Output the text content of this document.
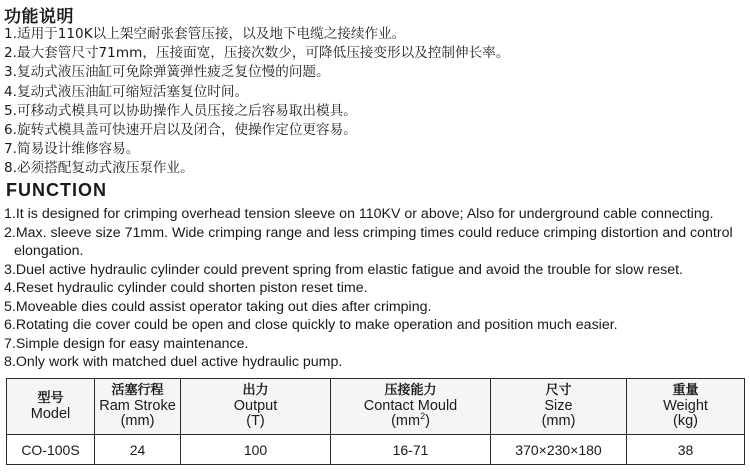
功能说明
1.适用于110K以上架空耐张套管压接，以及地下电缆之接续作业。
2.最大套管尺寸71mm，压接面宽，压接次数少，可降低压接变形以及控制伸长率。
3.复动式液压油缸可免除弹簧弹性疲乏复位慢的问题。
4.复动式液压油缸可缩短活塞复位时间。
5.可移动式模具可以协助操作人员压接之后容易取出模具。
6.旋转式模具盖可快速开启以及闭合，使操作定位更容易。
7.简易设计维修容易。
8.必须搭配复动式液压泵作业。
FUNCTION
1.It is designed for crimping overhead tension sleeve on 110KV or above; Also for underground cable connecting.
2.Max. sleeve size 71mm. Wide crimping range and less crimping times could reduce crimping distortion and control
elongation.
3.Duel active hydraulic cylinder could prevent spring from elastic fatigue and avoid the trouble for slow reset.
4.Reset hydraulic cylinder could shorten piston reset time.
5.Moveable dies could assist operator taking out dies after crimping.
6.Rotating die cover could be open and close quickly to make operation and position much easier.
7.Simple design for easy maintenance.
8.Only work with matched duel active hydraulic pump.
型号
Model	活塞行程
Ram Stroke
(mm)	出力
Output
(T)	压接能力
Contact Mould
$(mm^2)$	尺寸
Size
(mm)	重量
Weight
(kg)

CO-100S	24	100	16-71	370×230×180	38
